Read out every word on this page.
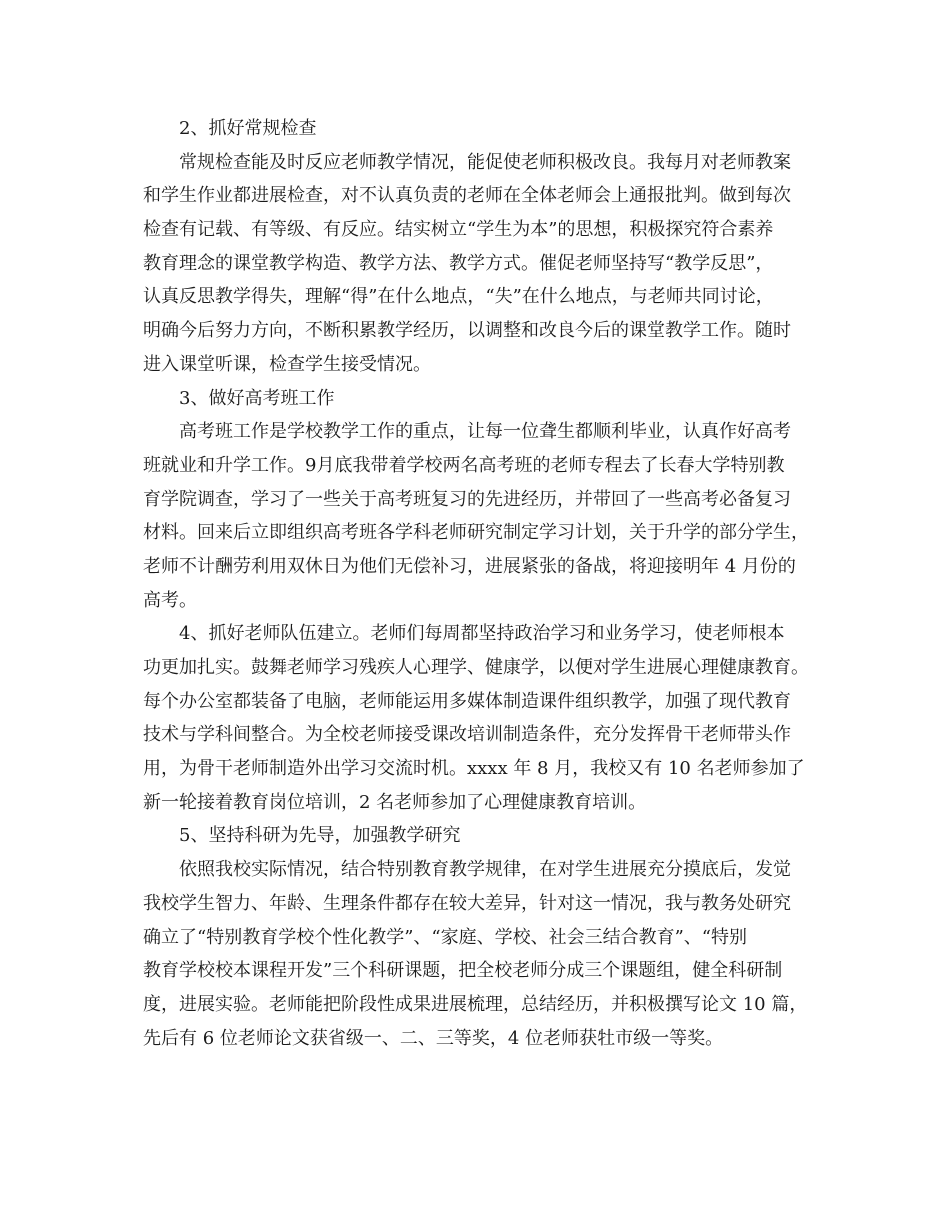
2、抓好常规检查
常规检查能及时反应老师教学情况，能促使老师积极改良。我每月对老师教案
和学生作业都进展检查，对不认真负责的老师在全体老师会上通报批判。做到每次
检查有记载、有等级、有反应。结实树立“学生为本”的思想，积极探究符合素养
教育理念的课堂教学构造、教学方法、教学方式。催促老师坚持写“教学反思”，
认真反思教学得失，理解“得”在什么地点，“失”在什么地点，与老师共同讨论，
明确今后努力方向，不断积累教学经历，以调整和改良今后的课堂教学工作。随时
进入课堂听课，检查学生接受情况。
3、做好高考班工作
高考班工作是学校教学工作的重点，让每一位聋生都顺利毕业，认真作好高考
班就业和升学工作。9月底我带着学校两名高考班的老师专程去了长春大学特别教
育学院调查，学习了一些关于高考班复习的先进经历，并带回了一些高考必备复习
材料。回来后立即组织高考班各学科老师研究制定学习计划，关于升学的部分学生，
老师不计酬劳利用双休日为他们无偿补习，进展紧张的备战，将迎接明年 4 月份的
高考。
4、抓好老师队伍建立。老师们每周都坚持政治学习和业务学习，使老师根本
功更加扎实。鼓舞老师学习残疾人心理学、健康学，以便对学生进展心理健康教育。
每个办公室都装备了电脑，老师能运用多媒体制造课件组织教学，加强了现代教育
技术与学科间整合。为全校老师接受课改培训制造条件，充分发挥骨干老师带头作
用，为骨干老师制造外出学习交流时机。xxxx 年 8 月，我校又有 10 名老师参加了
新一轮接着教育岗位培训，2 名老师参加了心理健康教育培训。
5、坚持科研为先导，加强教学研究
依照我校实际情况，结合特别教育教学规律，在对学生进展充分摸底后，发觉
我校学生智力、年龄、生理条件都存在较大差异，针对这一情况，我与教务处研究
确立了“特别教育学校个性化教学”、“家庭、学校、社会三结合教育”、“特别
教育学校校本课程开发”三个科研课题，把全校老师分成三个课题组，健全科研制
度，进展实验。老师能把阶段性成果进展梳理，总结经历，并积极撰写论文 10 篇，
先后有 6 位老师论文获省级一、二、三等奖，4 位老师获牡市级一等奖。
